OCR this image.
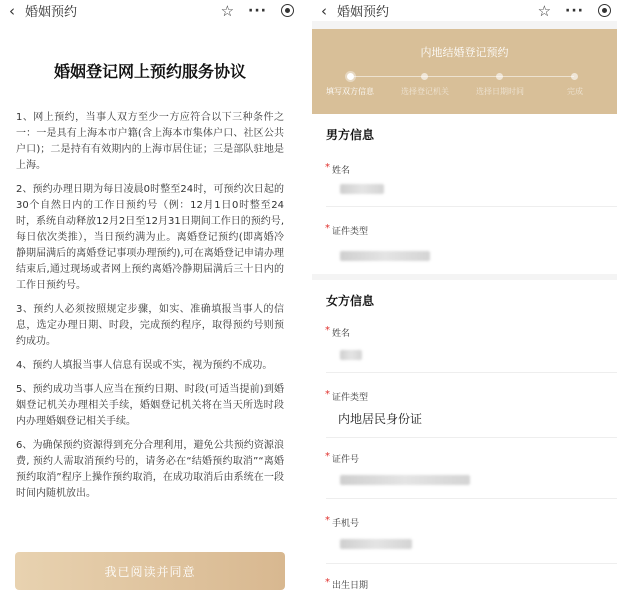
‹ 婚姻预约	☆ ···
婚姻登记网上预约服务协议

1、网上预约，当事人双方至少一方应符合以下三种条件之一：一是具有上海本市户籍(含上海本市集体户口、社区公共户口)；二是持有有效期内的上海市居住证；三是部队驻地是上海。

2、预约办理日期为每日凌晨0时整至24时，可预约次日起的30个自然日内的工作日预约号（例：12月1日0时整至24时，系统自动释放12月2日至12月31日期间工作日的预约号,每日依次类推），当日预约满为止。离婚登记预约(即离婚冷静期届满后的离婚登记事项办理预约),可在离婚登记申请办理结束后,通过现场或者网上预约离婚冷静期届满后三十日内的工作日预约号。

3、预约人必须按照规定步骤，如实、准确填报当事人的信息，选定办理日期、时段，完成预约程序，取得预约号则预约成功。

4、预约人填报当事人信息有误或不实，视为预约不成功。

5、预约成功当事人应当在预约日期、时段(可适当提前)到婚姻登记机关办理相关手续，婚姻登记机关将在当天所选时段内办理婚姻登记相关手续。

6、为确保预约资源得到充分合理利用，避免公共预约资源浪费, 预约人需取消预约号的，请务必在“结婚预约取消”“离婚预约取消”程序上操作预约取消，在成功取消后由系统在一段时间内随机放出。

我已阅读并同意
‹ 婚姻预约	☆ ···
内地结婚登记预约
填写双方信息	选择登记机关	选择日期时间	完成
男方信息
* 姓名
* 证件类型
女方信息
* 姓名
* 证件类型
内地居民身份证
* 证件号
* 手机号
* 出生日期
